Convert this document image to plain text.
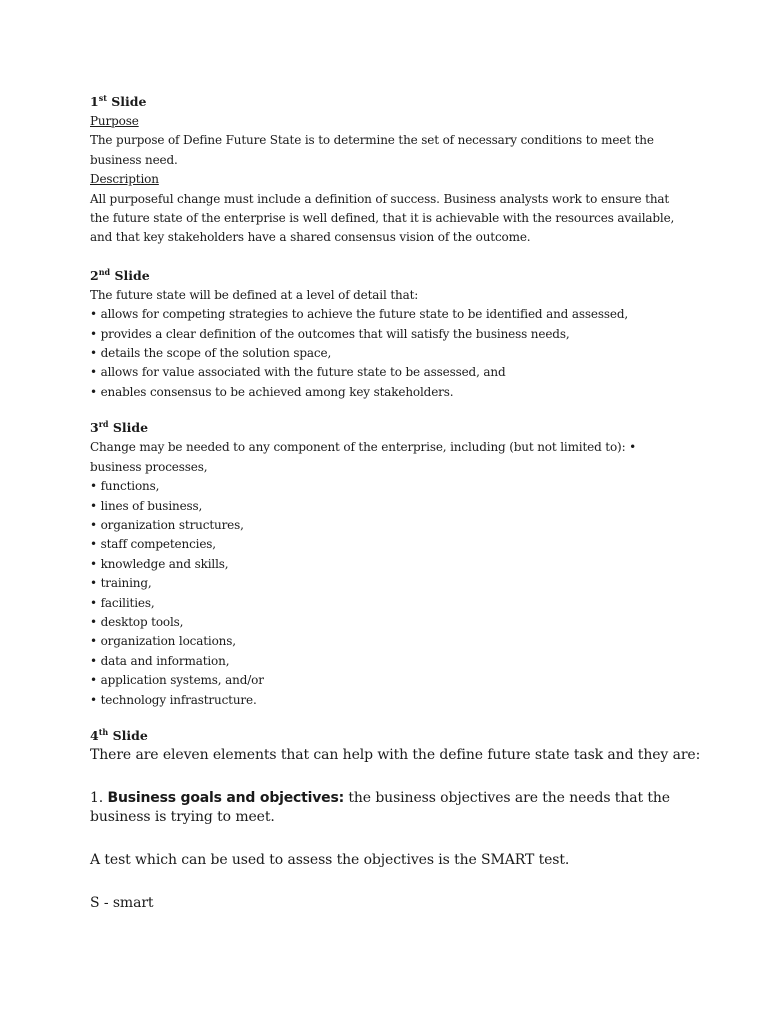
1st Slide
Purpose
The purpose of Define Future State is to determine the set of necessary conditions to meet the
business need.
Description
All purposeful change must include a definition of success. Business analysts work to ensure that
the future state of the enterprise is well defined, that it is achievable with the resources available,
and that key stakeholders have a shared consensus vision of the outcome.
2nd Slide
The future state will be defined at a level of detail that:
• allows for competing strategies to achieve the future state to be identified and assessed,
• provides a clear definition of the outcomes that will satisfy the business needs,
• details the scope of the solution space,
• allows for value associated with the future state to be assessed, and
• enables consensus to be achieved among key stakeholders.
3rd Slide
Change may be needed to any component of the enterprise, including (but not limited to): •
business processes,
• functions,
• lines of business,
• organization structures,
• staff competencies,
• knowledge and skills,
• training,
• facilities,
• desktop tools,
• organization locations,
• data and information,
• application systems, and/or
• technology infrastructure.
4th Slide
There are eleven elements that can help with the define future state task and they are:
1. Business goals and objectives: the business objectives are the needs that the
business is trying to meet.
A test which can be used to assess the objectives is the SMART test.
S - smart
